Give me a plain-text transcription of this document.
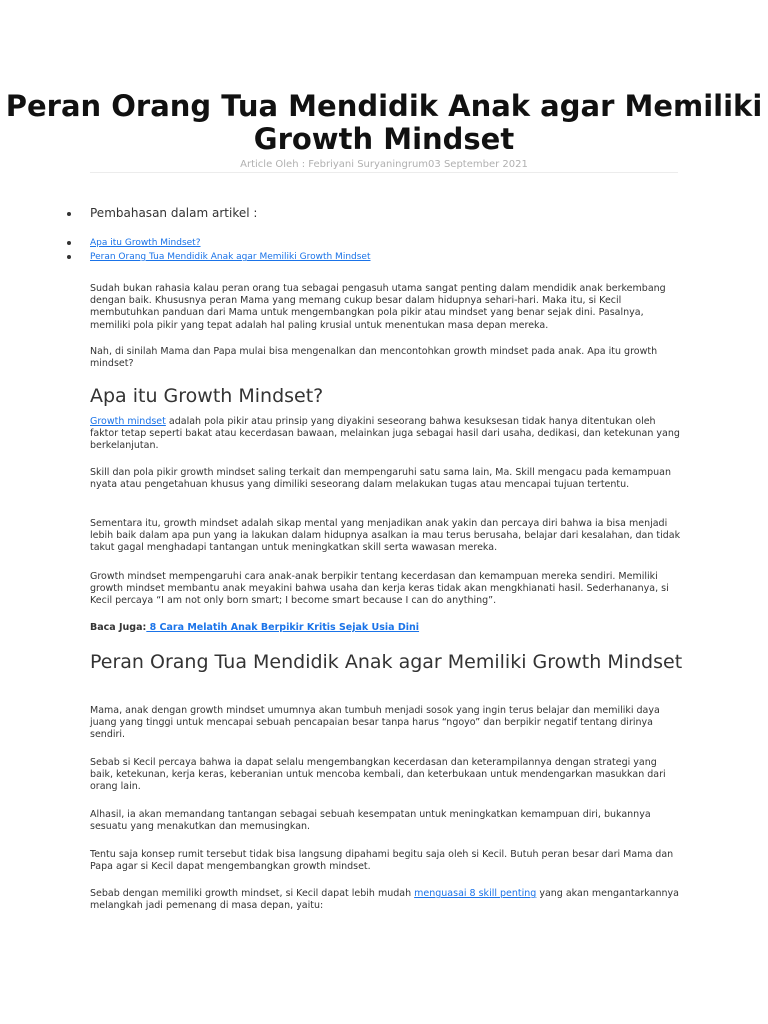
Peran Orang Tua Mendidik Anak agar Memiliki Growth Mindset
Article Oleh : Febriyani Suryaningrum03 September 2021
Pembahasan dalam artikel :
Apa itu Growth Mindset?
Peran Orang Tua Mendidik Anak agar Memiliki Growth Mindset

Sudah bukan rahasia kalau peran orang tua sebagai pengasuh utama sangat penting dalam mendidik anak berkembang dengan baik. Khususnya peran Mama yang memang cukup besar dalam hidupnya sehari-hari. Maka itu, si Kecil membutuhkan panduan dari Mama untuk mengembangkan pola pikir atau mindset yang benar sejak dini. Pasalnya, memiliki pola pikir yang tepat adalah hal paling krusial untuk menentukan masa depan mereka.

Nah, di sinilah Mama dan Papa mulai bisa mengenalkan dan mencontohkan growth mindset pada anak. Apa itu growth mindset?

Apa itu Growth Mindset?

Growth mindset adalah pola pikir atau prinsip yang diyakini seseorang bahwa kesuksesan tidak hanya ditentukan oleh faktor tetap seperti bakat atau kecerdasan bawaan, melainkan juga sebagai hasil dari usaha, dedikasi, dan ketekunan yang berkelanjutan.

Skill dan pola pikir growth mindset saling terkait dan mempengaruhi satu sama lain, Ma. Skill mengacu pada kemampuan nyata atau pengetahuan khusus yang dimiliki seseorang dalam melakukan tugas atau mencapai tujuan tertentu.

Sementara itu, growth mindset adalah sikap mental yang menjadikan anak yakin dan percaya diri bahwa ia bisa menjadi lebih baik dalam apa pun yang ia lakukan dalam hidupnya asalkan ia mau terus berusaha, belajar dari kesalahan, dan tidak takut gagal menghadapi tantangan untuk meningkatkan skill serta wawasan mereka.

Growth mindset mempengaruhi cara anak-anak berpikir tentang kecerdasan dan kemampuan mereka sendiri. Memiliki growth mindset membantu anak meyakini bahwa usaha dan kerja keras tidak akan mengkhianati hasil. Sederhananya, si Kecil percaya “I am not only born smart; I become smart because I can do anything”.

Baca Juga: 8 Cara Melatih Anak Berpikir Kritis Sejak Usia Dini

Peran Orang Tua Mendidik Anak agar Memiliki Growth Mindset

Mama, anak dengan growth mindset umumnya akan tumbuh menjadi sosok yang ingin terus belajar dan memiliki daya juang yang tinggi untuk mencapai sebuah pencapaian besar tanpa harus “ngoyo” dan berpikir negatif tentang dirinya sendiri.

Sebab si Kecil percaya bahwa ia dapat selalu mengembangkan kecerdasan dan keterampilannya dengan strategi yang baik, ketekunan, kerja keras, keberanian untuk mencoba kembali, dan keterbukaan untuk mendengarkan masukkan dari orang lain.

Alhasil, ia akan memandang tantangan sebagai sebuah kesempatan untuk meningkatkan kemampuan diri, bukannya sesuatu yang menakutkan dan memusingkan.

Tentu saja konsep rumit tersebut tidak bisa langsung dipahami begitu saja oleh si Kecil. Butuh peran besar dari Mama dan Papa agar si Kecil dapat mengembangkan growth mindset.

Sebab dengan memiliki growth mindset, si Kecil dapat lebih mudah menguasai 8 skill penting yang akan mengantarkannya melangkah jadi pemenang di masa depan, yaitu:
